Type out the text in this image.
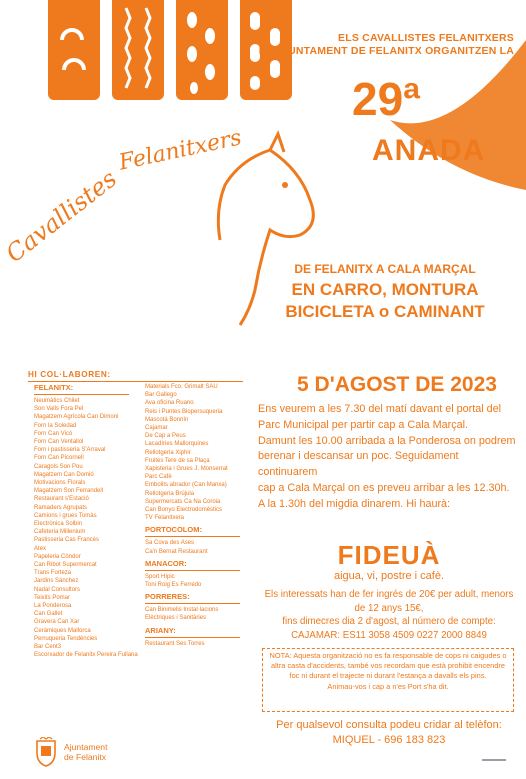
ELS CAVALLISTES FELANITXERS
I L'AJUNTAMENT DE FELANITX ORGANITZEN LA
29ª
ANADA
Felanitxers
Cavallistes
DE FELANITX A CALA MARÇAL
EN CARRO, MONTURA
BICICLETA o CAMINANT
HI COL·LABOREN:
FELANITX:
Neumàtics Chilet
Son Valls Fora Pel
Magatzem Agrícola Can Dimoni
Forn la Soledad
Forn Can Vicó
Forn Can Ventallol
Forn i pastisseria S'Arraval
Forn Can Picornell
Caragols Son Pou
Magatzem Can Domió
Motivacions Florals
Magatzem Son Ferrandell
Restaurant s'Estació
Ramaders Agrupats
Camions i grues Tomàs
Electrònica Solbin
Cafeteria Millenium
Pastisseria Cas Francès
Atex
Papeleria Còndor
Can Ribot Supermercat
Trans Forteza
Jardins Sánchez
Nadal Consultors
Teixits Pomar
La Ponderosa
Can Gallet
Gravera Can Xar
Ceràmiques Mallorca
Perruqueria Tendències
Bar Cent3
Escorxador de Felanitx Pereira Fullana
Materials Fco. Grimalt SAU
Bar Gallego
Ava oficina Ruano
Reis i Puntes Biopersuqueria
Mascotá Bonnín
Cajamar
De Cap a Peus
Lacadíries Mallorquines
Rellotgeria Xiphir
Fruites Tere de sa Plaça
Xapisteria i Grues J. Monserrat
Parc Cafè
Embolits abrador (Can Manxa)
Rellotgeria Brújula
Supermercats Ca Na Coroia
Can Bonyo Electrodomèstics
TV Felanitxera
PORTOCOLOM:
Sa Cova des Ases
Ca'n Bernat Restaurant
MANACOR:
Sport Hípic
Toni Roig Es Ferredo
PORRERES:
Can Binimelis Instal·lacions
Elèctriques i Sanitàries
ARIANY:
Restaurant Ses Torres
5 D'AGOST DE 2023
Ens veurem a les 7.30 del matí davant el portal del
Parc Municipal per partir cap a Cala Marçal.
Damunt les 10.00 arribada a la Ponderosa on podrem
berenar i descansar un poc. Seguidament continuarem
cap a Cala Marçal on es preveu arribar a les 12.30h.
A la 1.30h del migdia dinarem. Hi haurà:
FIDEUÀ
aigua, vi, postre i cafè.
Els interessats han de fer ingrés de 20€ per adult, menors de 12 anys 15€,
fins dimecres dia 2 d'agost, al número de compte:
CAJAMAR: ES11 3058 4509 0227 2000 8849
NOTA: Aquesta organització no es fa responsable de cops ni caigudes o altra casta d'accidents, també vos recordam que està prohibit encendre foc ni durant el trajecte ni durant l'estança a davalls els pins.
Animau-vos i cap a n'es Port s'ha dit.
Per qualsevol consulta podeu cridar al telèfon:
MIQUEL - 696 183 823
Ajuntament
de Felanitx
